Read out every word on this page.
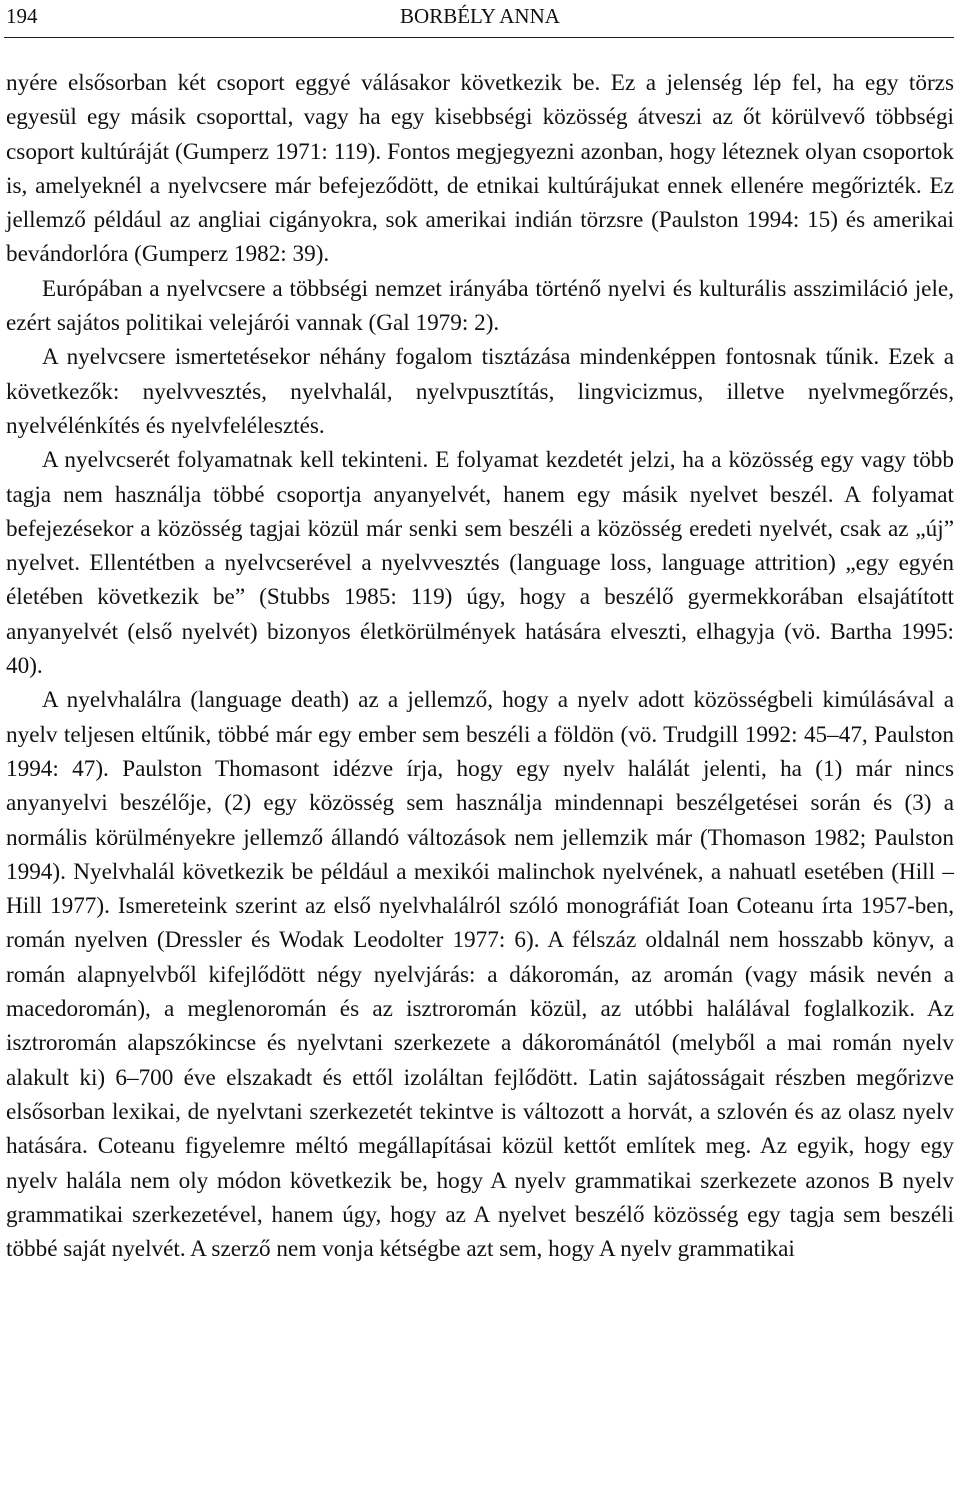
194	BORBÉLY ANNA

nyére elsősorban két csoport eggyé válásakor következik be. Ez a jelenség lép fel, ha egy törzs egyesül egy másik csoporttal, vagy ha egy kisebbségi közösség átveszi az őt körülvevő többségi csoport kultúráját (Gumperz 1971: 119). Fontos megjegyezni azonban, hogy léteznek olyan csoportok is, amelyeknél a nyelvcsere már befejeződött, de etnikai kultúrájukat ennek ellenére megőrizték. Ez jellemző például az angliai cigányokra, sok amerikai indián törzsre (Paulston 1994: 15) és amerikai bevándorlóra (Gumperz 1982: 39).

Európában a nyelvcsere a többségi nemzet irányába történő nyelvi és kulturális asszimiláció jele, ezért sajátos politikai velejárói vannak (Gal 1979: 2).

A nyelvcsere ismertetésekor néhány fogalom tisztázása mindenképpen fontosnak tűnik. Ezek a következők: nyelvvesztés, nyelvhalál, nyelvpusztítás, lingvicizmus, illetve nyelvmegőrzés, nyelvélénkítés és nyelvfelélesztés.

A nyelvcserét folyamatnak kell tekinteni. E folyamat kezdetét jelzi, ha a közösség egy vagy több tagja nem használja többé csoportja anyanyelvét, hanem egy másik nyelvet beszél. A folyamat befejezésekor a közösség tagjai közül már senki sem beszéli a közösség eredeti nyelvét, csak az „új” nyelvet. Ellentétben a nyelvcserével a nyelvvesztés (language loss, language attrition) „egy egyén életében következik be” (Stubbs 1985: 119) úgy, hogy a beszélő gyermekkorában elsajátított anyanyelvét (első nyelvét) bizonyos életkörülmények hatására elveszti, elhagyja (vö. Bartha 1995: 40).

A nyelvhalálra (language death) az a jellemző, hogy a nyelv adott közösségbeli kimúlásával a nyelv teljesen eltűnik, többé már egy ember sem beszéli a földön (vö. Trudgill 1992: 45–47, Paulston 1994: 47). Paulston Thomasont idézve írja, hogy egy nyelv halálát jelenti, ha (1) már nincs anyanyelvi beszélője, (2) egy közösség sem használja mindennapi beszélgetései során és (3) a normális körülményekre jellemző állandó változások nem jellemzik már (Thomason 1982; Paulston 1994). Nyelvhalál következik be például a mexikói malinchok nyelvének, a nahuatl esetében (Hill – Hill 1977). Ismereteink szerint az első nyelvhalálról szóló monográfiát Ioan Coteanu írta 1957-ben, román nyelven (Dressler és Wodak Leodolter 1977: 6). A félszáz oldalnál nem hosszabb könyv, a román alapnyelvből kifejlődött négy nyelvjárás: a dákoromán, az aromán (vagy másik nevén a macedoromán), a meglenoromán és az isztroromán közül, az utóbbi halálával foglalkozik. Az isztroromán alapszókincse és nyelvtani szerkezete a dákorománától (melyből a mai román nyelv alakult ki) 6–700 éve elszakadt és ettől izoláltan fejlődött. Latin sajátosságait részben megőrizve elsősorban lexikai, de nyelvtani szerkezetét tekintve is változott a horvát, a szlovén és az olasz nyelv hatására. Coteanu figyelemre méltó megállapításai közül kettőt említek meg. Az egyik, hogy egy nyelv halála nem oly módon következik be, hogy A nyelv grammatikai szerkezete azonos B nyelv grammatikai szerkezetével, hanem úgy, hogy az A nyelvet beszélő közösség egy tagja sem beszéli többé saját nyelvét. A szerző nem vonja kétségbe azt sem, hogy A nyelv grammatikai
